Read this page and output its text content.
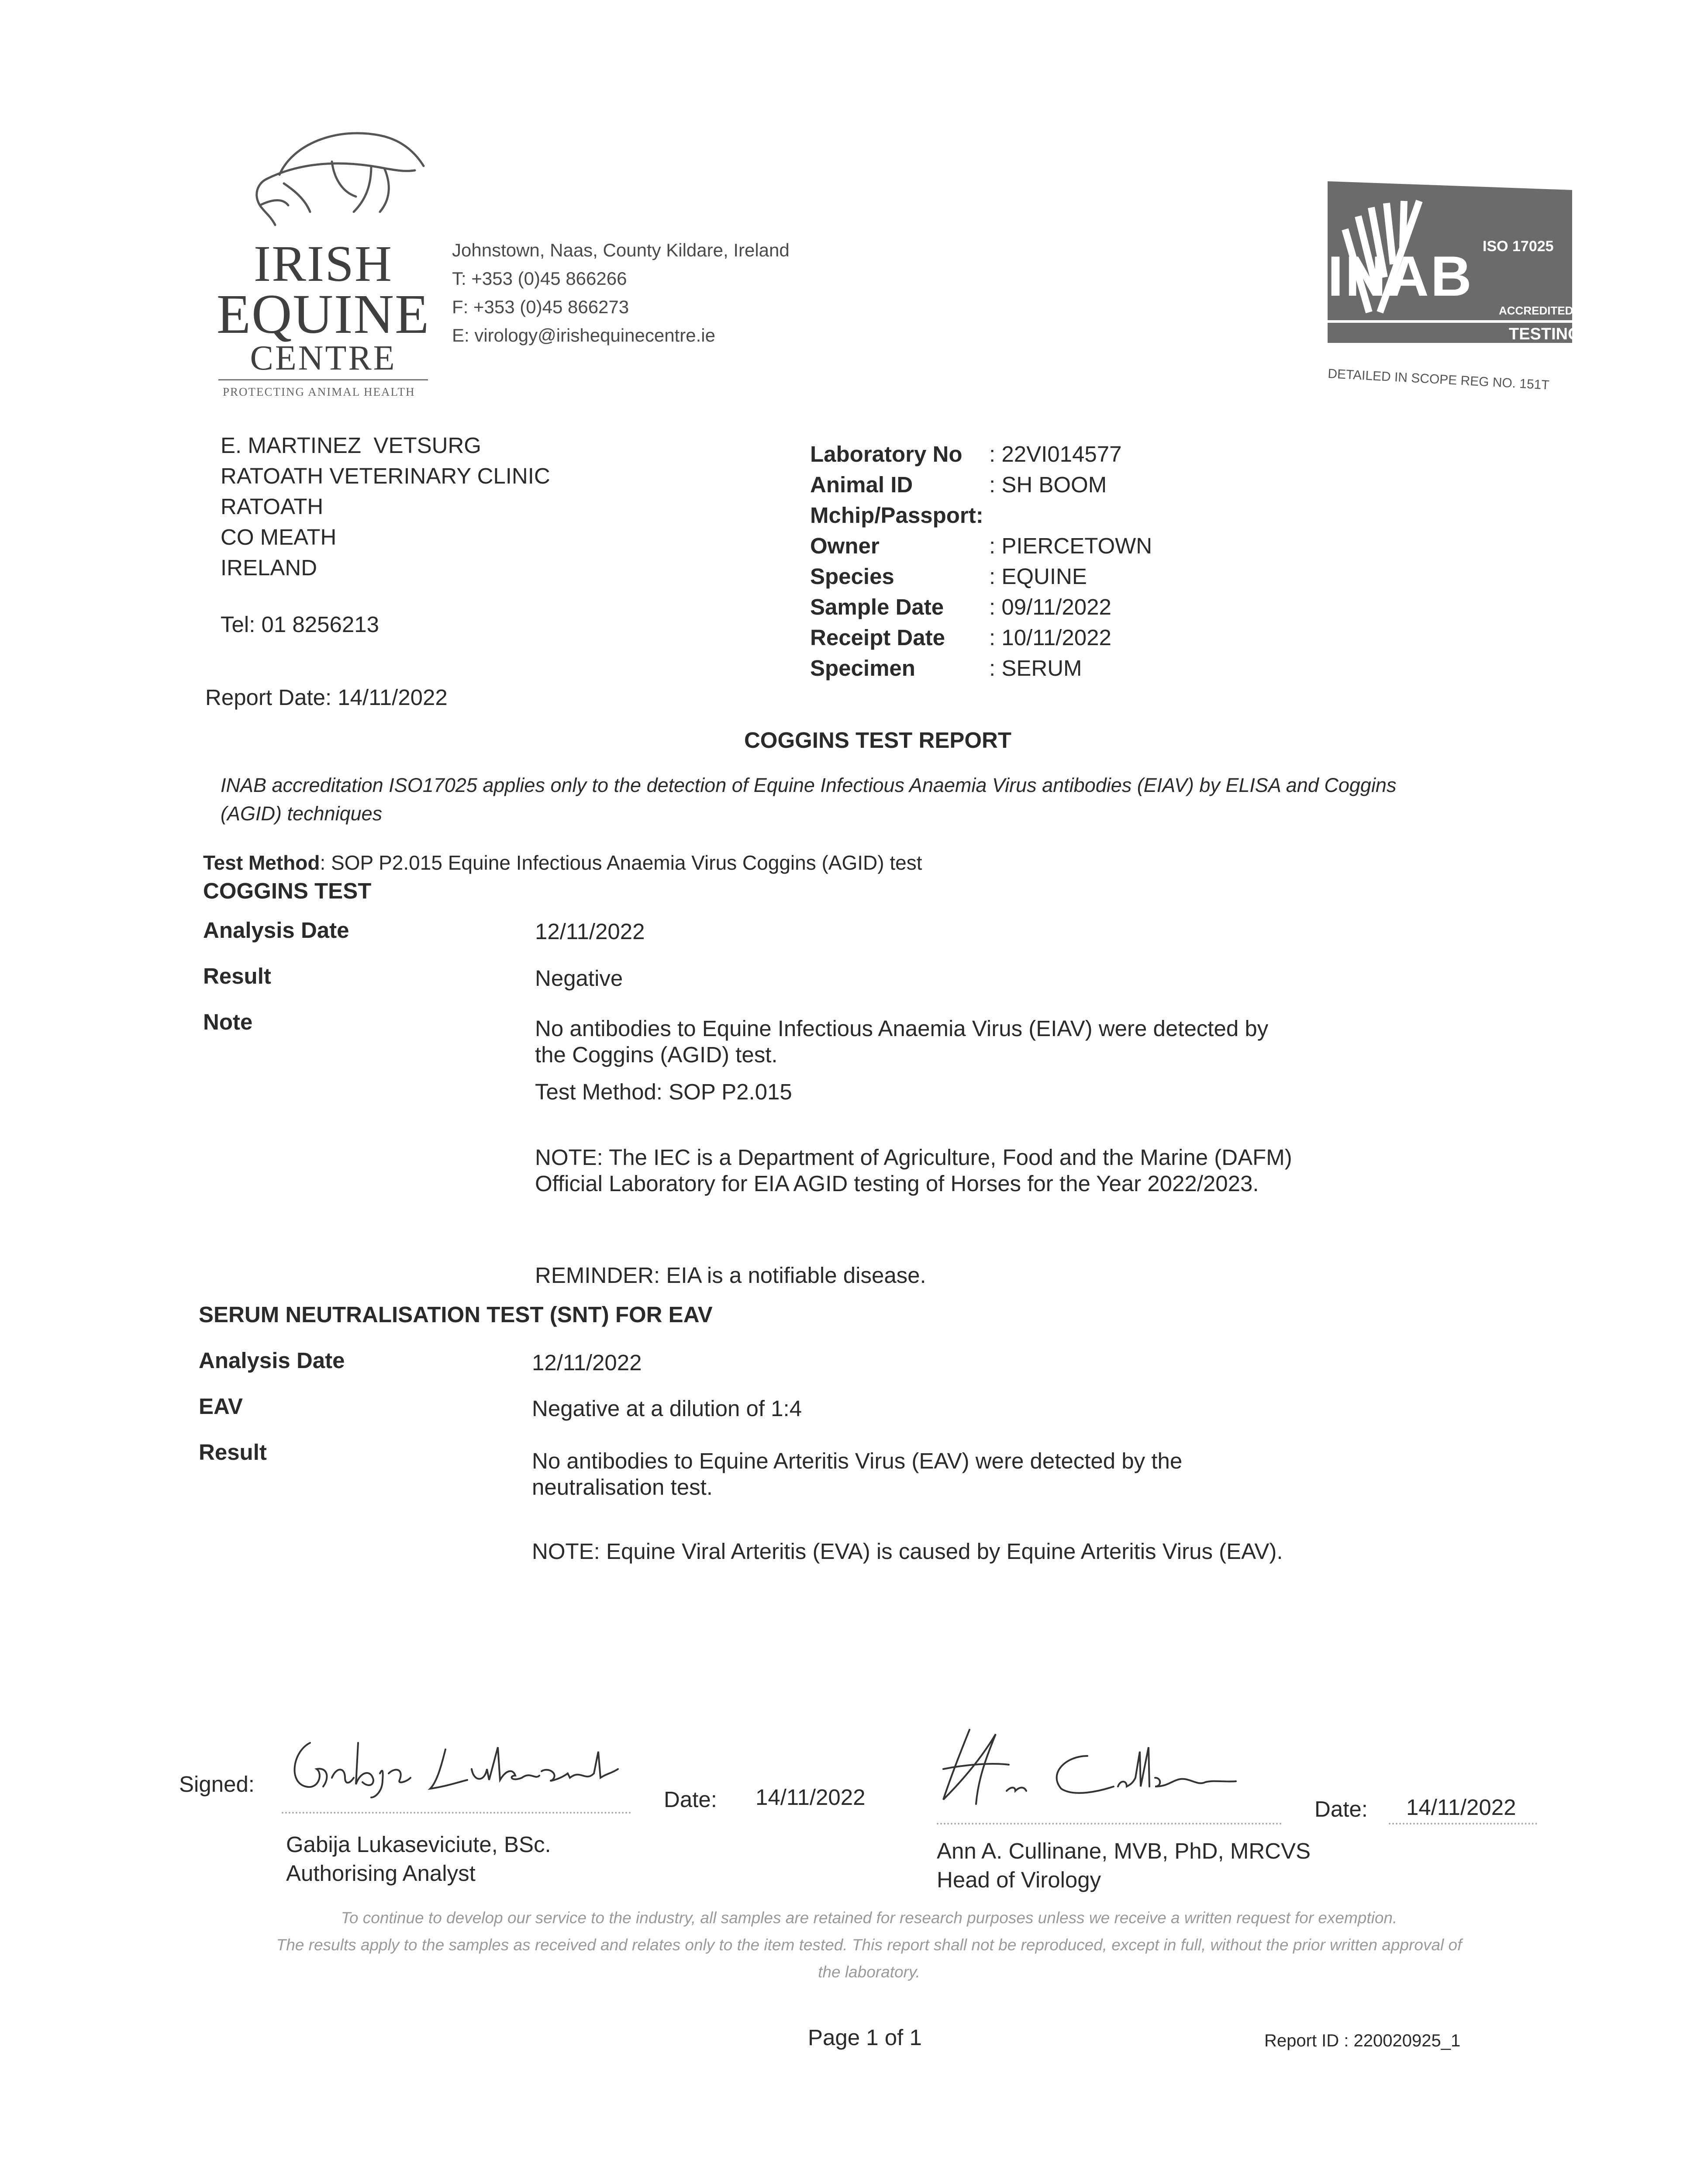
IRISH
EQUINE
CENTRE
PROTECTING ANIMAL HEALTH
Johnstown, Naas, County Kildare, Ireland
T: +353 (0)45 866266
F: +353 (0)45 866273
E: virology@irishequinecentre.ie
ISO 17025
INAB
ACCREDITED
TESTING
DETAILED IN SCOPE REG NO. 151T
E. MARTINEZ  VETSURG
RATOATH VETERINARY CLINIC
RATOATH
CO MEATH
IRELAND
Tel: 01 8256213
Report Date: 14/11/2022
Laboratory No	: 22VI014577
Animal ID	: SH BOOM
Mchip/Passport:
Owner	: PIERCETOWN
Species	: EQUINE
Sample Date	: 09/11/2022
Receipt Date	: 10/11/2022
Specimen	: SERUM
COGGINS TEST REPORT
INAB accreditation ISO17025 applies only to the detection of Equine Infectious Anaemia Virus antibodies (EIAV) by ELISA and Coggins (AGID) techniques
Test Method: SOP P2.015 Equine Infectious Anaemia Virus Coggins (AGID) test
COGGINS TEST
Analysis Date	12/11/2022
Result	Negative
Note	No antibodies to Equine Infectious Anaemia Virus (EIAV) were detected by the Coggins (AGID) test.
Test Method: SOP P2.015
NOTE: The IEC is a Department of Agriculture, Food and the Marine (DAFM) Official Laboratory for EIA AGID testing of Horses for the Year 2022/2023.
REMINDER: EIA is a notifiable disease.
SERUM NEUTRALISATION TEST (SNT) FOR EAV
Analysis Date	12/11/2022
EAV	Negative at a dilution of 1:4
Result	No antibodies to Equine Arteritis Virus (EAV) were detected by the neutralisation test.
NOTE: Equine Viral Arteritis (EVA) is caused by Equine Arteritis Virus (EAV).
Signed:
Date: 14/11/2022
Gabija Lukaseviciute, BSc.
Authorising Analyst
Date: 14/11/2022
Ann A. Cullinane, MVB, PhD, MRCVS
Head of Virology
To continue to develop our service to the industry, all samples are retained for research purposes unless we receive a written request for exemption.
The results apply to the samples as received and relates only to the item tested. This report shall not be reproduced, except in full, without the prior written approval of the laboratory.
Page 1 of 1	Report ID : 220020925_1
